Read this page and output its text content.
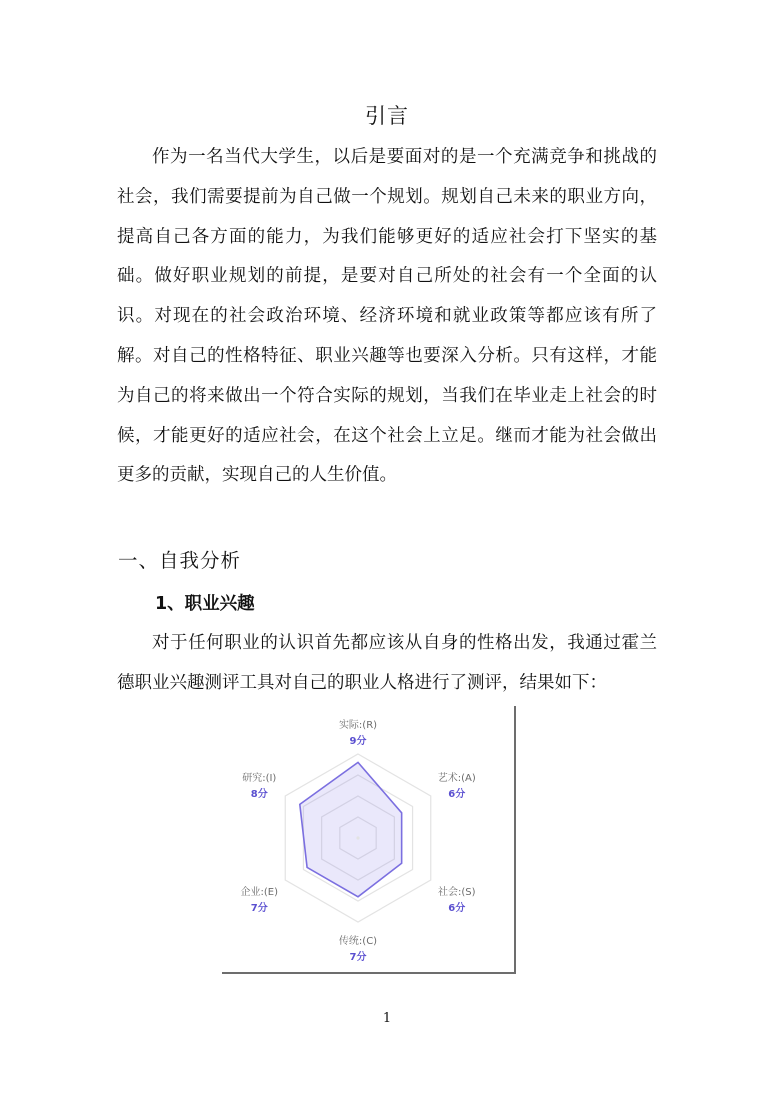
引言

作为一名当代大学生，以后是要面对的是一个充满竞争和挑战的社会，我们需要提前为自己做一个规划。规划自己未来的职业方向，提高自己各方面的能力，为我们能够更好的适应社会打下坚实的基础。做好职业规划的前提，是要对自己所处的社会有一个全面的认识。对现在的社会政治环境、经济环境和就业政策等都应该有所了解。对自己的性格特征、职业兴趣等也要深入分析。只有这样，才能为自己的将来做出一个符合实际的规划，当我们在毕业走上社会的时候，才能更好的适应社会，在这个社会上立足。继而才能为社会做出更多的贡献，实现自己的人生价值。

一、自我分析
1、职业兴趣

对于任何职业的认识首先都应该从自身的性格出发，我通过霍兰德职业兴趣测评工具对自己的职业人格进行了测评，结果如下：

实际:(R)
9分
艺术:(A)
6分
社会:(S)
6分
传统:(C)
7分
企业:(E)
7分
研究:(I)
8分
1
